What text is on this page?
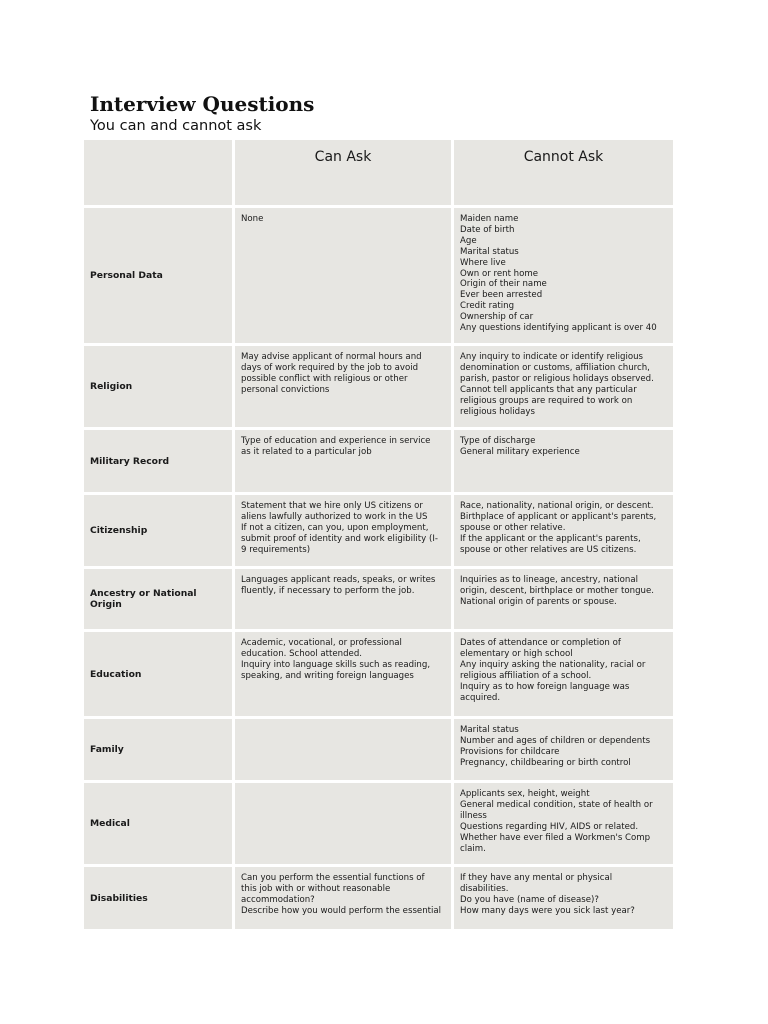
Interview Questions

You can and cannot ask

Can Ask	Cannot Ask
Personal Data
None	Maiden name
Date of birth
Age
Marital status
Where live
Own or rent home
Origin of their name
Ever been arrested
Credit rating
Ownership of car
Any questions identifying applicant is over 40
Religion
May advise applicant of normal hours and
days of work required by the job to avoid
possible conflict with religious or other
personal convictions
Any inquiry to indicate or identify religious
denomination or customs, affiliation church,
parish, pastor or religious holidays observed.
Cannot tell applicants that any particular
religious groups are required to work on
religious holidays
Military Record
Type of education and experience in service
as it related to a particular job
Type of discharge
General military experience
Citizenship
Statement that we hire only US citizens or
aliens lawfully authorized to work in the US
If not a citizen, can you, upon employment,
submit proof of identity and work eligibility (I-
9 requirements)
Race, nationality, national origin, or descent.
Birthplace of applicant or applicant's parents,
spouse or other relative.
If the applicant or the applicant's parents,
spouse or other relatives are US citizens.
Ancestry or National Origin
Languages applicant reads, speaks, or writes
fluently, if necessary to perform the job.
Inquiries as to lineage, ancestry, national
origin, descent, birthplace or mother tongue.
National origin of parents or spouse.
Education
Academic, vocational, or professional
education. School attended.
Inquiry into language skills such as reading,
speaking, and writing foreign languages
Dates of attendance or completion of
elementary or high school
Any inquiry asking the nationality, racial or
religious affiliation of a school.
Inquiry as to how foreign language was
acquired.
Family
Marital status
Number and ages of children or dependents
Provisions for childcare
Pregnancy, childbearing or birth control
Medical
Applicants sex, height, weight
General medical condition, state of health or
illness
Questions regarding HIV, AIDS or related.
Whether have ever filed a Workmen's Comp
claim.
Disabilities
Can you perform the essential functions of
this job with or without reasonable
accommodation?
Describe how you would perform the essential
If they have any mental or physical
disabilities.
Do you have (name of disease)?
How many days were you sick last year?
